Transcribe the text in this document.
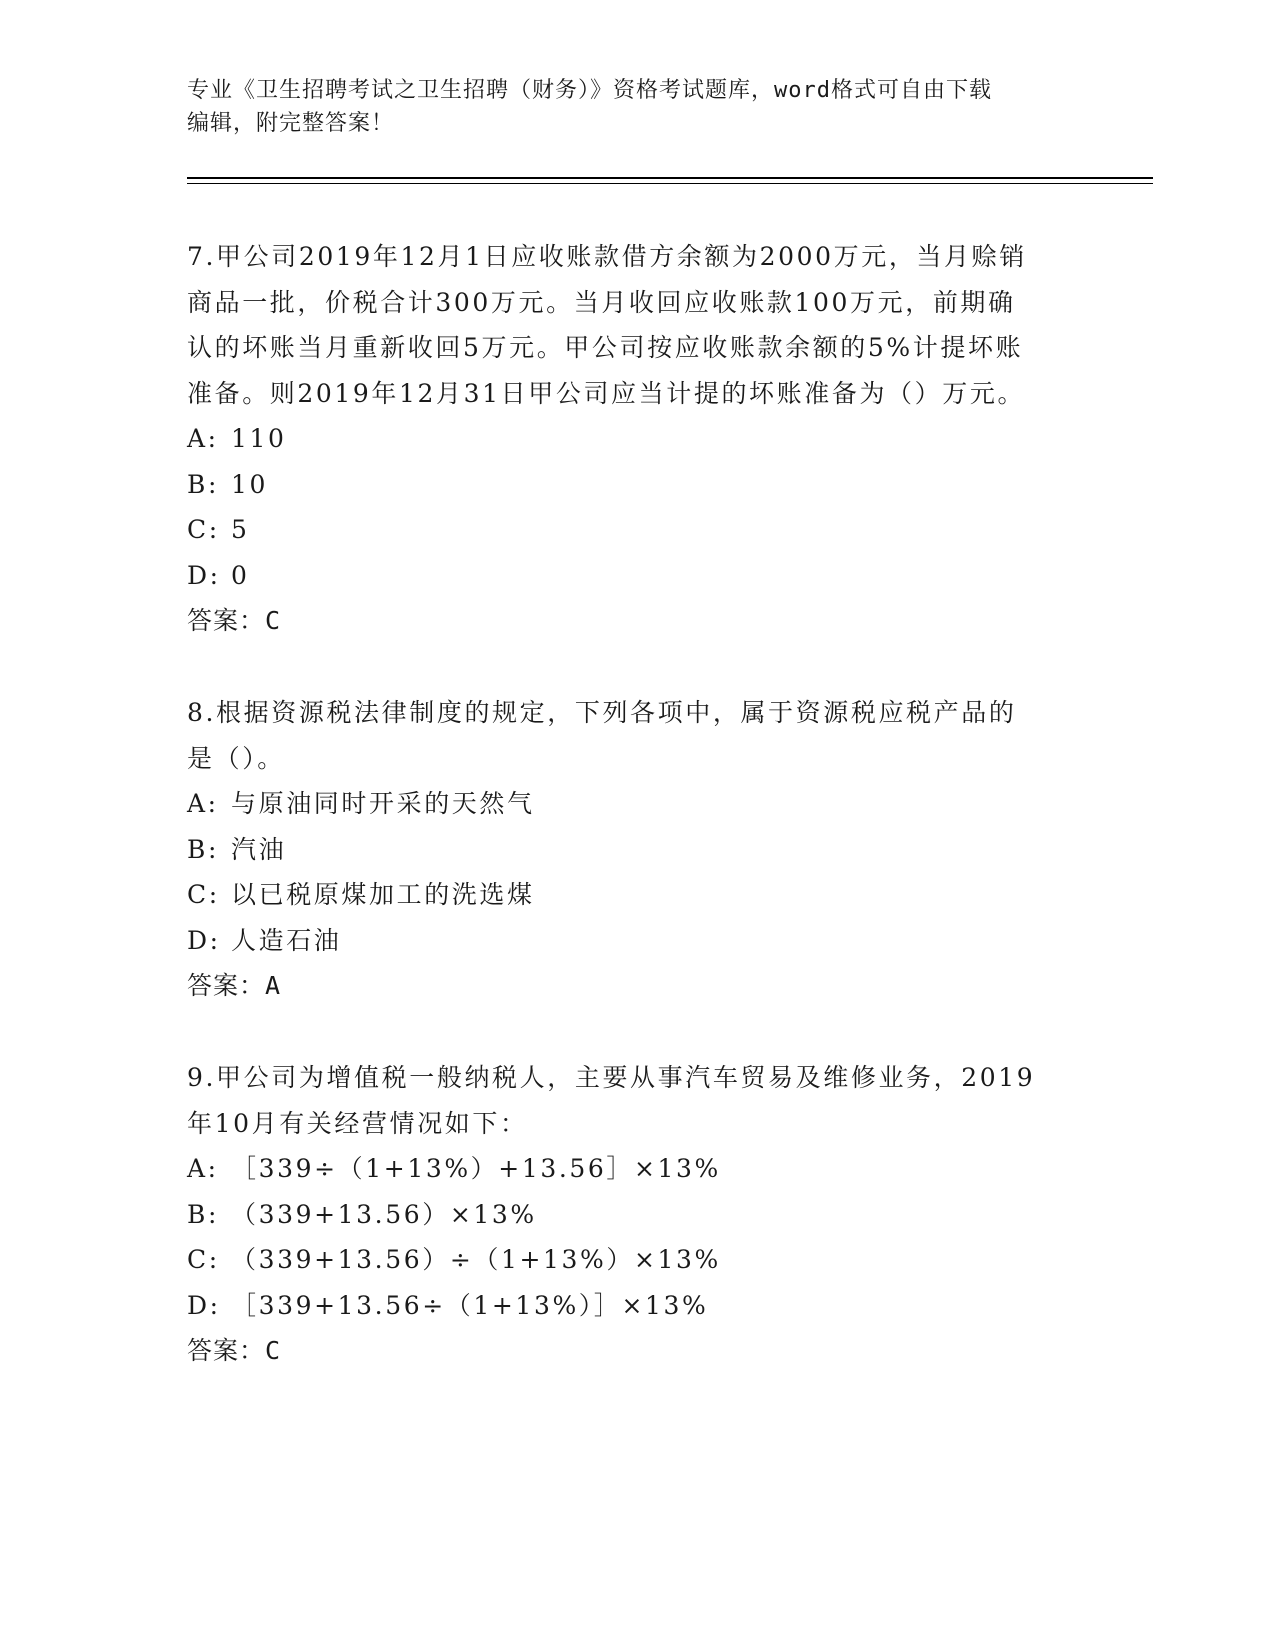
专业《卫生招聘考试之卫生招聘（财务）》资格考试题库，word格式可自由下载
编辑，附完整答案！

7.甲公司2019年12月1日应收账款借方余额为2000万元，当月赊销

商品一批，价税合计300万元。当月收回应收账款100万元，前期确

认的坏账当月重新收回5万元。甲公司按应收账款余额的5%计提坏账

准备。则2019年12月31日甲公司应当计提的坏账准备为（）万元。

A: 110

B: 10

C: 5

D: 0

答案：C

8.根据资源税法律制度的规定，下列各项中，属于资源税应税产品的

是（）。

A: 与原油同时开采的天然气

B: 汽油

C: 以已税原煤加工的洗选煤

D: 人造石油

答案：A

9.甲公司为增值税一般纳税人，主要从事汽车贸易及维修业务，2019

年10月有关经营情况如下：

A: ［339÷（1+13%）+13.56］×13%

B: （339+13.56）×13%

C: （339+13.56）÷（1+13%）×13%

D: ［339+13.56÷（1+13%）］×13%

答案：C
